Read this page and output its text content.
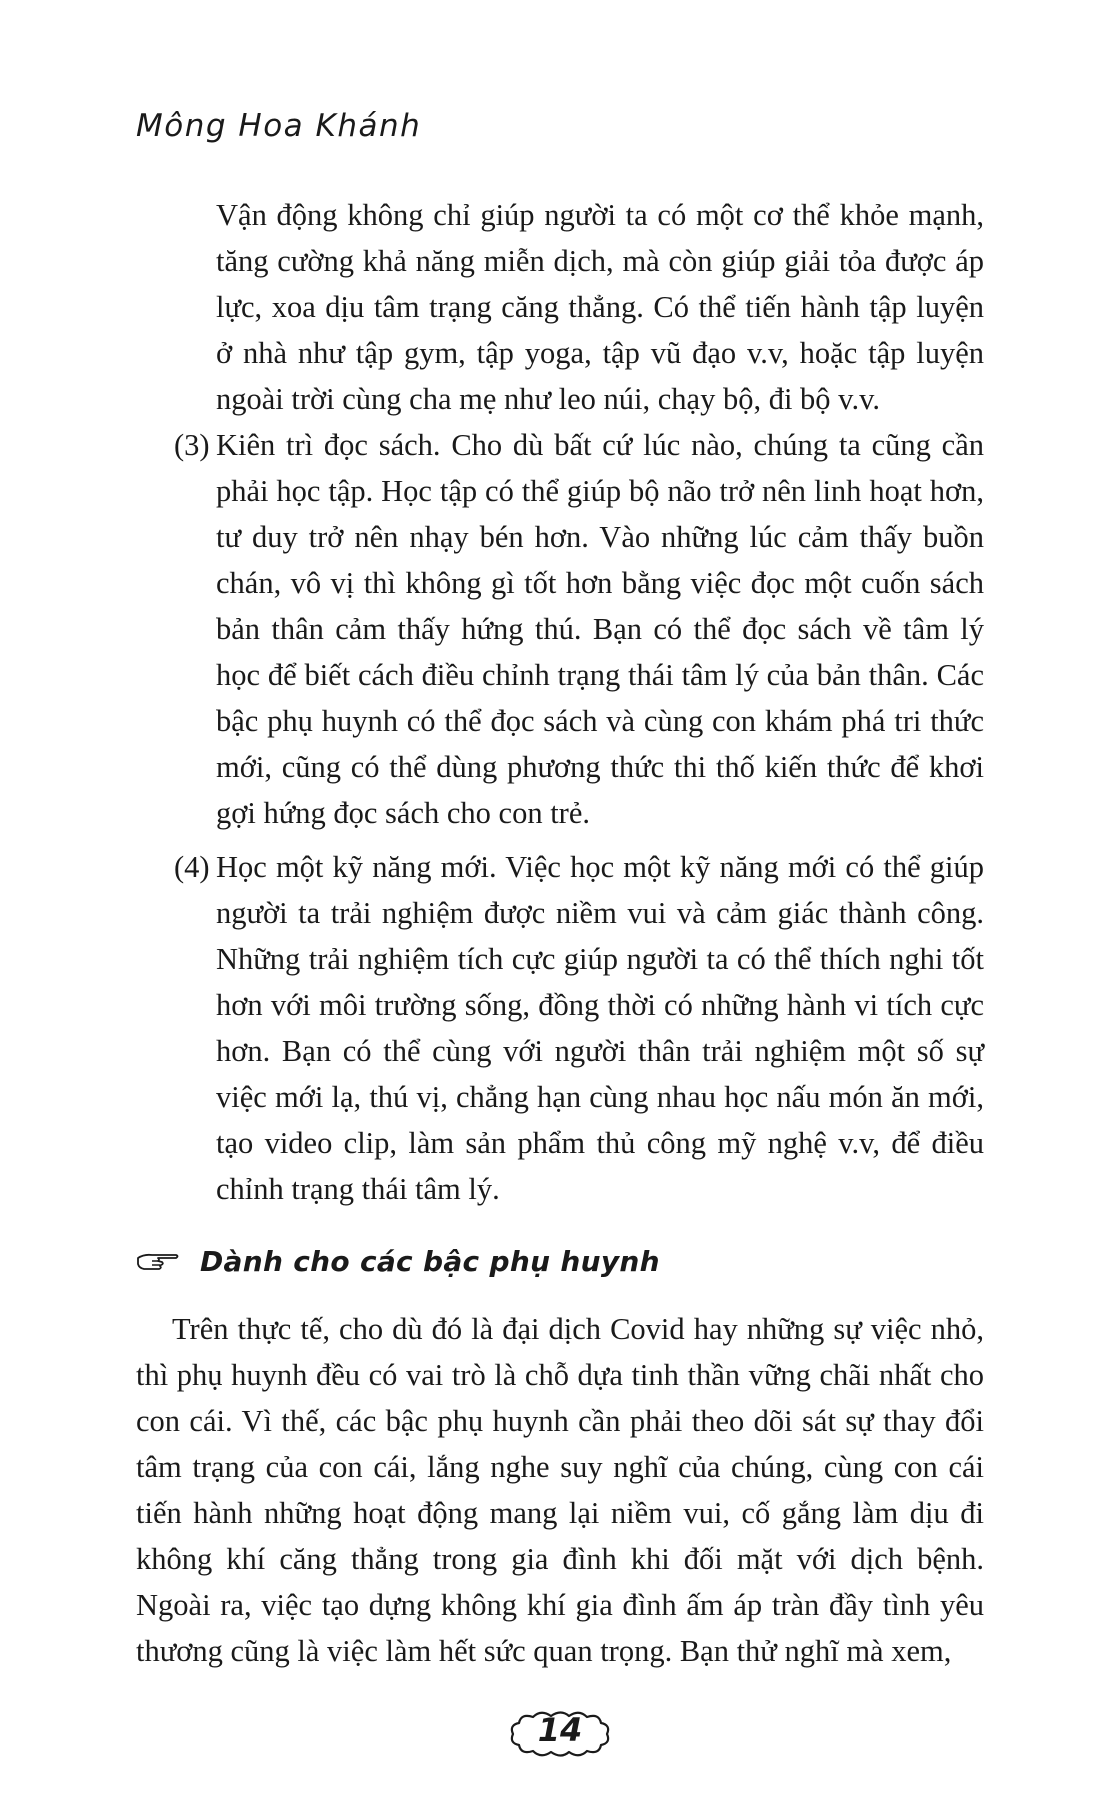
Mông Hoa Khánh

Vận động không chỉ giúp người ta có một cơ thể khỏe mạnh, tăng cường khả năng miễn dịch, mà còn giúp giải tỏa được áp lực, xoa dịu tâm trạng căng thẳng. Có thể tiến hành tập luyện ở nhà như tập gym, tập yoga, tập vũ đạo v.v, hoặc tập luyện ngoài trời cùng cha mẹ như leo núi, chạy bộ, đi bộ v.v.

(3) Kiên trì đọc sách. Cho dù bất cứ lúc nào, chúng ta cũng cần phải học tập. Học tập có thể giúp bộ não trở nên linh hoạt hơn, tư duy trở nên nhạy bén hơn. Vào những lúc cảm thấy buồn chán, vô vị thì không gì tốt hơn bằng việc đọc một cuốn sách bản thân cảm thấy hứng thú. Bạn có thể đọc sách về tâm lý học để biết cách điều chỉnh trạng thái tâm lý của bản thân. Các bậc phụ huynh có thể đọc sách và cùng con khám phá tri thức mới, cũng có thể dùng phương thức thi thố kiến thức để khơi gợi hứng đọc sách cho con trẻ.
(4) Học một kỹ năng mới. Việc học một kỹ năng mới có thể giúp người ta trải nghiệm được niềm vui và cảm giác thành công. Những trải nghiệm tích cực giúp người ta có thể thích nghi tốt hơn với môi trường sống, đồng thời có những hành vi tích cực hơn. Bạn có thể cùng với người thân trải nghiệm một số sự việc mới lạ, thú vị, chẳng hạn cùng nhau học nấu món ăn mới, tạo video clip, làm sản phẩm thủ công mỹ nghệ v.v, để điều chỉnh trạng thái tâm lý.
Dành cho các bậc phụ huynh

Trên thực tế, cho dù đó là đại dịch Covid hay những sự việc nhỏ, thì phụ huynh đều có vai trò là chỗ dựa tinh thần vững chãi nhất cho con cái. Vì thế, các bậc phụ huynh cần phải theo dõi sát sự thay đổi tâm trạng của con cái, lắng nghe suy nghĩ của chúng, cùng con cái tiến hành những hoạt động mang lại niềm vui, cố gắng làm dịu đi không khí căng thẳng trong gia đình khi đối mặt với dịch bệnh. Ngoài ra, việc tạo dựng không khí gia đình ấm áp tràn đầy tình yêu thương cũng là việc làm hết sức quan trọng. Bạn thử nghĩ mà xem,

14
